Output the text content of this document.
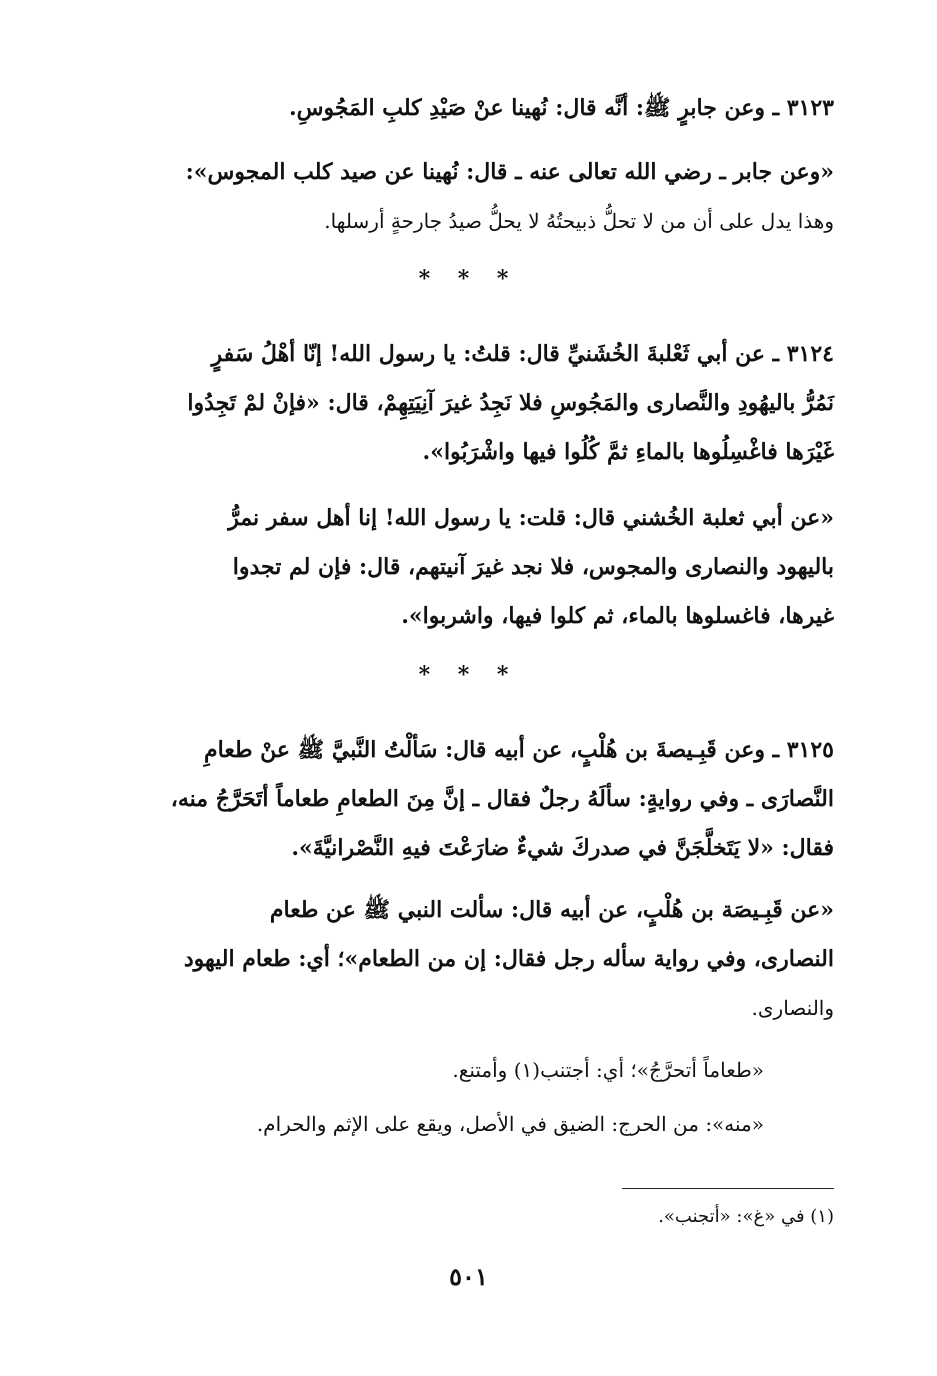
٣١٢٣ ـ وعن جابرٍ ﷺ: أنَّه قال: نُهينا عنْ صَيْدِ كلبِ المَجُوسِ.
«وعن جابر ـ رضي الله تعالى عنه ـ قال: نُهينا عن صيد كلب المجوس»:
وهذا يدل على أن من لا تحلُّ ذبيحتُهُ لا يحلُّ صيدُ جارحةٍ أرسلها.
* * *
٣١٢٤ ـ عن أبي ثَعْلبةَ الخُشَنيِّ قال: قلتُ: يا رسول الله! إنّا أهْلُ سَفرٍ
نَمُرُّ باليهُودِ والنَّصارى والمَجُوسِ فلا نَجِدُ غيرَ آنِيَتِهِمْ، قال: «فإنْ لمْ تَجِدُوا
غَيْرَها فاغْسِلُوها بالماءِ ثمَّ كُلُوا فيها واشْرَبُوا».
«عن أبي ثعلبة الخُشني قال: قلت: يا رسول الله! إنا أهل سفر نمرُّ
باليهود والنصارى والمجوس، فلا نجد غيرَ آنيتهم، قال: فإن لم تجدوا
غيرها، فاغسلوها بالماء، ثم كلوا فيها، واشربوا».
* * *
٣١٢٥ ـ وعن قَبِـيصةَ بن هُلْبٍ، عن أبيه قال: سَألْتُ النَّبيَّ ﷺ عنْ طعامِ
النَّصارَى ـ وفي روايةٍ: سألَهُ رجلٌ فقال ـ إنَّ مِنَ الطعامِ طعاماً أتَحَرَّجُ منه،
فقال: «لا يَتَخلَّجَنَّ في صدركَ شيءٌ ضارَعْتَ فيهِ النَّصْرانيَّةَ».
«عن قَبِـيصَة بن هُلْبٍ، عن أبيه قال: سألت النبي ﷺ عن طعام
النصارى، وفي رواية سأله رجل فقال: إن من الطعام»؛ أي: طعام اليهود
والنصارى.
«طعاماً أتحرَّجُ»؛ أي: أجتنب(١) وأمتنع.
«منه»: من الحرج: الضيق في الأصل، ويقع على الإثم والحرام.
(١) في «غ»: «أتجنب».
٥٠١
